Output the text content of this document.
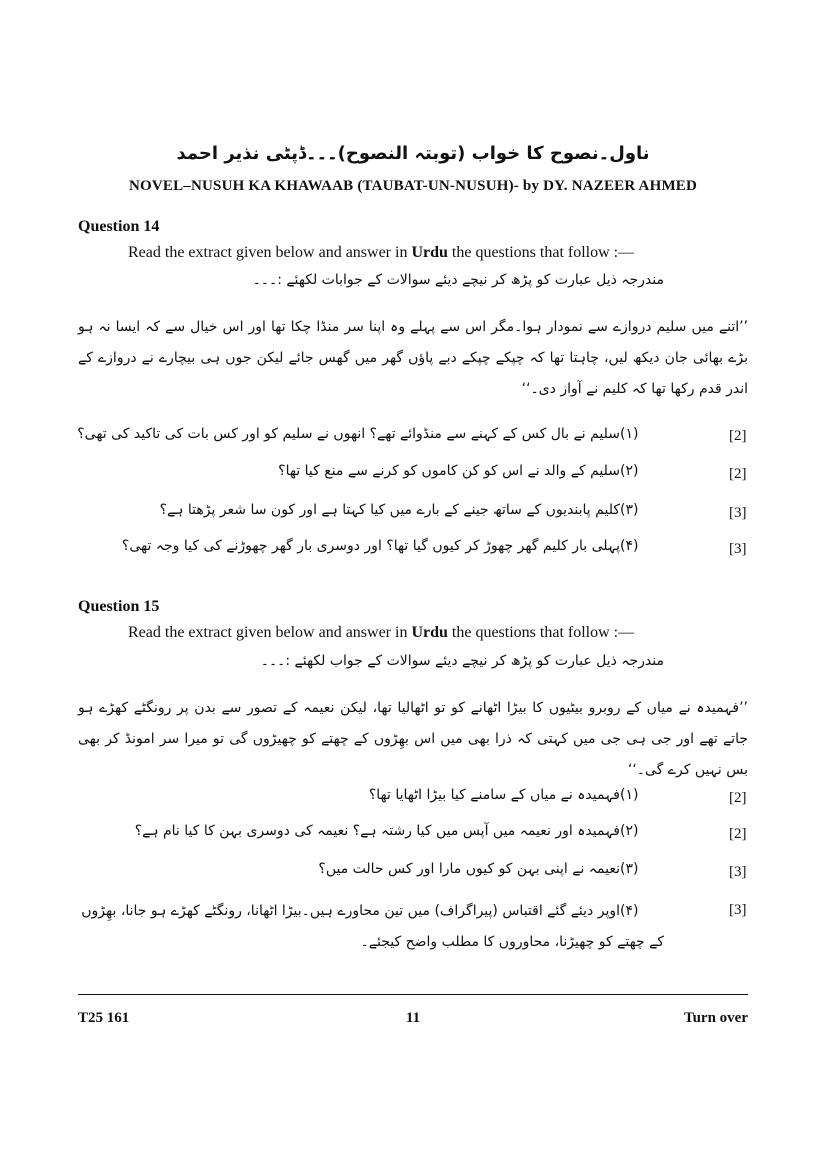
ناول۔نصوح کا خواب (توبتہ النصوح)۔۔۔ڈپٹی نذیر احمد
NOVEL–NUSUH KA KHAWAAB (TAUBAT-UN-NUSUH)- by DY. NAZEER AHMED
Question 14
Read the extract given below and answer in Urdu the questions that follow :—
مندرجہ ذیل عبارت کو پڑھ کر نیچے دیئے سوالات کے جوابات لکھئے :۔۔۔
’’اتنے میں سلیم دروازے سے نمودار ہوا۔مگر اس سے پہلے وہ اپنا سر منڈا چکا تھا اور اس خیال سے کہ ایسا نہ ہو بڑے بھائی جان دیکھ لیں، چاہتا تھا کہ چپکے چپکے دبے پاؤں گھر میں گھس جائے لیکن جوں ہی بیچارے نے دروازے کے اندر قدم رکھا تھا کہ کلیم نے آواز دی۔‘‘
[2]
(۱)سلیم نے بال کس کے کہنے سے منڈوائے تھے؟ انھوں نے سلیم کو اور کس بات کی تاکید کی تھی؟
[2]
(۲)سلیم کے والد نے اس کو کن کاموں کو کرنے سے منع کیا تھا؟
[3]
(۳)کلیم پابندیوں کے ساتھ جینے کے بارے میں کیا کہتا ہے اور کون سا شعر پڑھتا ہے؟
[3]
(۴)پہلی بار کلیم گھر چھوڑ کر کیوں گیا تھا؟ اور دوسری بار گھر چھوڑنے کی کیا وجہ تھی؟
Question 15
Read the extract given below and answer in Urdu the questions that follow :—
مندرجہ ذیل عبارت کو پڑھ کر نیچے دیئے سوالات کے جواب لکھئے :۔۔۔
’’فہمیدہ نے میاں کے روبرو بیٹیوں کا بیڑا اٹھانے کو تو اٹھالیا تھا، لیکن نعیمہ کے تصور سے بدن پر رونگٹے کھڑے ہو جاتے تھے اور جی ہی جی میں کہتی کہ ذرا بھی میں اس بھِڑوں کے چھتے کو چھیڑوں گی تو میرا سر امونڈ کر بھی بس نہیں کرے گی۔‘‘
[2]
(۱)فہمیدہ نے میاں کے سامنے کیا بیڑا اٹھایا تھا؟
[2]
(۲)فہمیدہ اور نعیمہ میں آپس میں کیا رشتہ ہے؟ نعیمہ کی دوسری بہن کا کیا نام ہے؟
[3]
(۳)نعیمہ نے اپنی بہن کو کیوں مارا اور کس حالت میں؟
[3]
(۴)
اوپر دیئے گئے اقتباس (پیراگراف) میں تین محاورے ہیں۔بیڑا اٹھانا، رونگٹے کھڑے ہو جانا، بھِڑوں کے چھتے کو چھیڑنا، محاوروں کا مطلب واضح کیجئے۔
T25 161	11	Turn over
